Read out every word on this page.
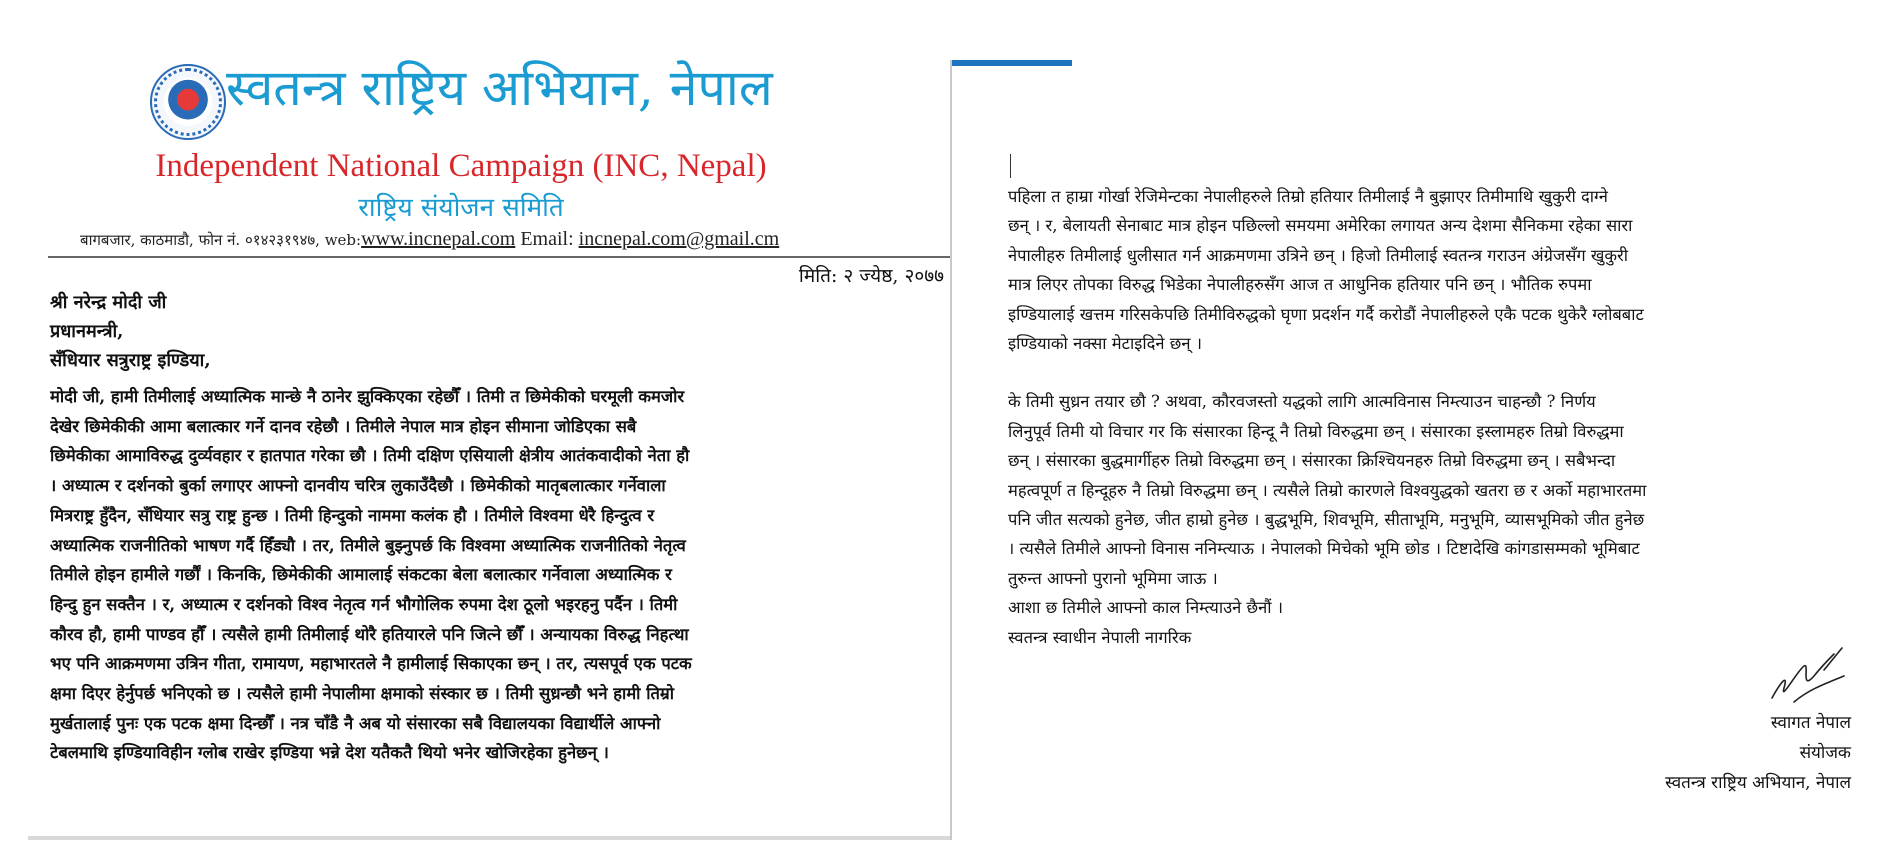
स्वतन्त्र राष्ट्रिय अभियान, नेपाल
Independent National Campaign (INC, Nepal)
राष्ट्रिय संयोजन समिति
बागबजार, काठमाडौ, फोन नं. ०१४२३१९४७, web:www.incnepal.com Email: incnepal.com@gmail.cm
मिति: २ ज्येष्ठ, २०७७
श्री नरेन्द्र मोदी जी
प्रधानमन्त्री,
सँधियार सत्रुराष्ट्र इण्डिया,
मोदी जी, हामी तिमीलाई अध्यात्मिक मान्छे नै ठानेर झुक्किएका रहेछौँ । तिमी त छिमेकीको घरमूली कमजोर
देखेर छिमेकीकी आमा बलात्कार गर्ने दानव रहेछौ । तिमीले नेपाल मात्र होइन सीमाना जोडिएका सबै
छिमेकीका आमाविरुद्ध दुर्व्यवहार र हातपात गरेका छौ । तिमी दक्षिण एसियाली क्षेत्रीय आतंकवादीको नेता हौ
। अध्यात्म र दर्शनको बुर्का लगाएर आफ्नो दानवीय चरित्र लुकाउँदैछौ । छिमेकीको मातृबलात्कार गर्नेवाला
मित्रराष्ट्र हुँदैन, सँधियार सत्रु राष्ट्र हुन्छ । तिमी हिन्दुको नाममा कलंक हौ । तिमीले विश्वमा धेरै हिन्दुत्व र
अध्यात्मिक राजनीतिको भाषण गर्दै हिँड्यौ । तर, तिमीले बुझ्नुपर्छ कि विश्वमा अध्यात्मिक राजनीतिको नेतृत्व
तिमीले होइन हामीले गर्छौं । किनकि, छिमेकीकी आमालाई संकटका बेला बलात्कार गर्नेवाला अध्यात्मिक र
हिन्दु हुन सक्तैन । र, अध्यात्म र दर्शनको विश्व नेतृत्व गर्न भौगोलिक रुपमा देश ठूलो भइरहनु पर्दैन । तिमी
कौरव हौ, हामी पाण्डव हौँ । त्यसैले हामी तिमीलाई थोरै हतियारले पनि जित्ने छौँ । अन्यायका विरुद्ध निहत्था
भए पनि आक्रमणमा उत्रिन गीता, रामायण, महाभारतले नै हामीलाई सिकाएका छन् । तर, त्यसपूर्व एक पटक
क्षमा दिएर हेर्नुपर्छ भनिएको छ । त्यसैले हामी नेपालीमा क्षमाको संस्कार छ । तिमी सुध्रन्छौ भने हामी तिम्रो
मुर्खतालाई पुनः एक पटक क्षमा दिन्छौँ । नत्र चाँडै नै अब यो संसारका सबै विद्यालयका विद्यार्थीले आफ्नो
टेबलमाथि इण्डियाविहीन ग्लोब राखेर इण्डिया भन्ने देश यतैकतै थियो भनेर खोजिरहेका हुनेछन् ।
पहिला त हाम्रा गोर्खा रेजिमेन्टका नेपालीहरुले तिम्रो हतियार तिमीलाई नै बुझाएर तिमीमाथि खुकुरी दाग्ने
छन् । र, बेलायती सेनाबाट मात्र होइन पछिल्लो समयमा अमेरिका लगायत अन्य देशमा सैनिकमा रहेका सारा
नेपालीहरु तिमीलाई धुलीसात गर्न आक्रमणमा उत्रिने छन् । हिजो तिमीलाई स्वतन्त्र गराउन अंग्रेजसँग खुकुरी
मात्र लिएर तोपका विरुद्ध भिडेका नेपालीहरुसँग आज त आधुनिक हतियार पनि छन् । भौतिक रुपमा
इण्डियालाई खत्तम गरिसकेपछि तिमीविरुद्धको घृणा प्रदर्शन गर्दै करोडौं नेपालीहरुले एकै पटक थुकेरै ग्लोबबाट
इण्डियाको नक्सा मेटाइदिने छन् ।
के तिमी सुध्रन तयार छौ ? अथवा, कौरवजस्तो यद्धको लागि आत्मविनास निम्त्याउन चाहन्छौ ? निर्णय
लिनुपूर्व तिमी यो विचार गर कि संसारका हिन्दू नै तिम्रो विरुद्धमा छन् । संसारका इस्लामहरु तिम्रो विरुद्धमा
छन् । संसारका बुद्धमार्गीहरु तिम्रो विरुद्धमा छन् । संसारका क्रिश्चियनहरु तिम्रो विरुद्धमा छन् । सबैभन्दा
महत्वपूर्ण त हिन्दूहरु नै तिम्रो विरुद्धमा छन् । त्यसैले तिम्रो कारणले विश्वयुद्धको खतरा छ र अर्को महाभारतमा
पनि जीत सत्यको हुनेछ, जीत हाम्रो हुनेछ । बुद्धभूमि, शिवभूमि, सीताभूमि, मनुभूमि, व्यासभूमिको जीत हुनेछ
। त्यसैले तिमीले आफ्नो विनास ननिम्त्याऊ । नेपालको मिचेको भूमि छोड । टिष्टादेखि कांगडासम्मको भूमिबाट
तुरुन्त आफ्नो पुरानो भूमिमा जाऊ ।
आशा छ तिमीले आफ्नो काल निम्त्याउने छैनौं ।
स्वतन्त्र स्वाधीन नेपाली नागरिक
स्वागत नेपाल
संयोजक
स्वतन्त्र राष्ट्रिय अभियान, नेपाल
